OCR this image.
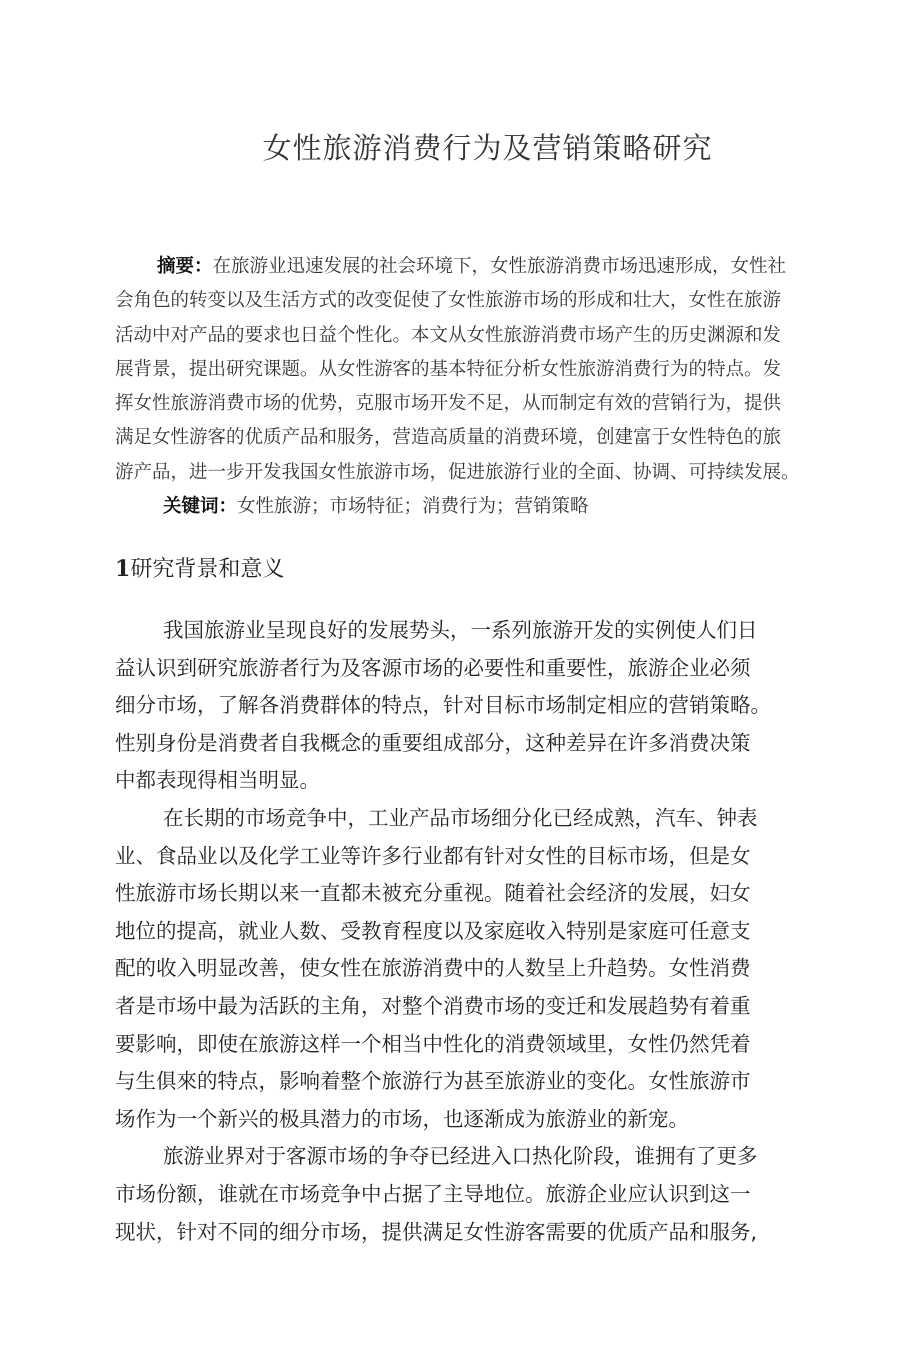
女性旅游消费行为及营销策略研究
摘要：在旅游业迅速发展的社会环境下，女性旅游消费市场迅速形成，女性社
会角色的转变以及生活方式的改变促使了女性旅游市场的形成和壮大，女性在旅游
活动中对产品的要求也日益个性化。本文从女性旅游消费市场产生的历史渊源和发
展背景，提出研究课题。从女性游客的基本特征分析女性旅游消费行为的特点。发
挥女性旅游消费市场的优势，克服市场开发不足，从而制定有效的营销行为，提供
满足女性游客的优质产品和服务，营造高质量的消费环境，创建富于女性特色的旅
游产品，进一步开发我国女性旅游市场，促进旅游行业的全面、协调、可持续发展。
关键词：女性旅游；市场特征；消费行为；营销策略
1研究背景和意义
我国旅游业呈现良好的发展势头，一系列旅游开发的实例使人们日
益认识到研究旅游者行为及客源市场的必要性和重要性，旅游企业必须
细分市场，了解各消费群体的特点，针对目标市场制定相应的营销策略。
性别身份是消费者自我概念的重要组成部分，这种差异在许多消费决策
中都表现得相当明显。
在长期的市场竞争中，工业产品市场细分化已经成熟，汽车、钟表
业、食品业以及化学工业等许多行业都有针对女性的目标市场，但是女
性旅游市场长期以来一直都未被充分重视。随着社会经济的发展，妇女
地位的提高，就业人数、受教育程度以及家庭收入特别是家庭可任意支
配的收入明显改善，使女性在旅游消费中的人数呈上升趋势。女性消费
者是市场中最为活跃的主角，对整个消费市场的变迁和发展趋势有着重
要影响，即使在旅游这样一个相当中性化的消费领域里，女性仍然凭着
与生俱來的特点，影响着整个旅游行为甚至旅游业的变化。女性旅游市
场作为一个新兴的极具潜力的市场，也逐渐成为旅游业的新宠。
旅游业界对于客源市场的争夺已经进入口热化阶段，谁拥有了更多
市场份额，谁就在市场竞争中占据了主导地位。旅游企业应认识到这一
现状，针对不同的细分市场，提供满足女性游客需要的优质产品和服务,
